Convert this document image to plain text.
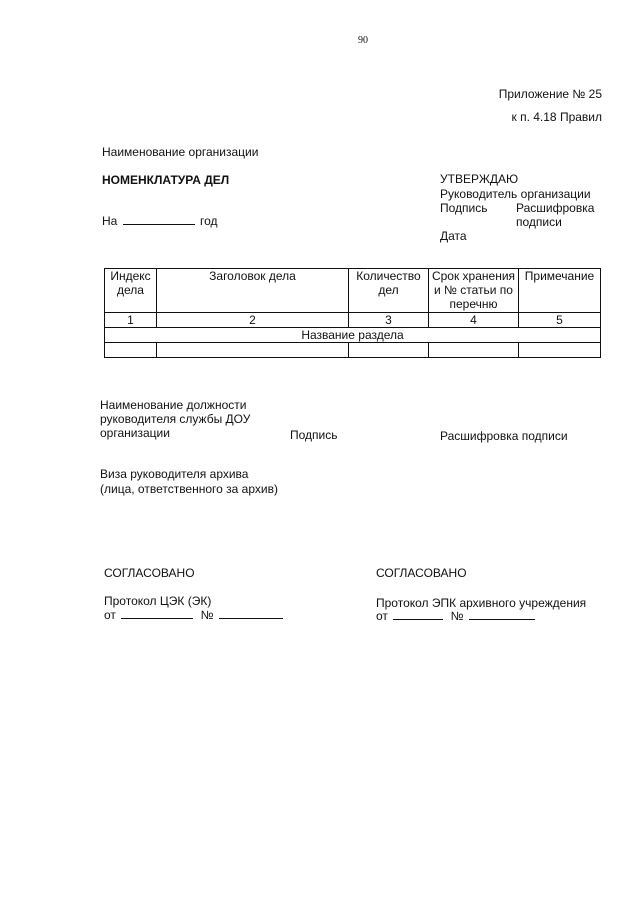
90
Приложение № 25
к п. 4.18 Правил
Наименование организации
НОМЕНКЛАТУРА ДЕЛ
На	год
УТВЕРЖДАЮ
Руководитель организации
Подпись Расшифровка
подписи
Дата
Индекс дела	Заголовок дела	Количество дел	Срок хранения и № статьи по перечню	Примечание
1	2	3	4	5
Название раздела				

Наименование должности
руководителя службы ДОУ
организации	Подпись	Расшифровка подписи
Виза руководителя архива
(лица, ответственного за архив)
СОГЛАСОВАНО
Протокол ЦЭК (ЭК)
от	№
СОГЛАСОВАНО
Протокол ЭПК архивного учреждения
от	№
